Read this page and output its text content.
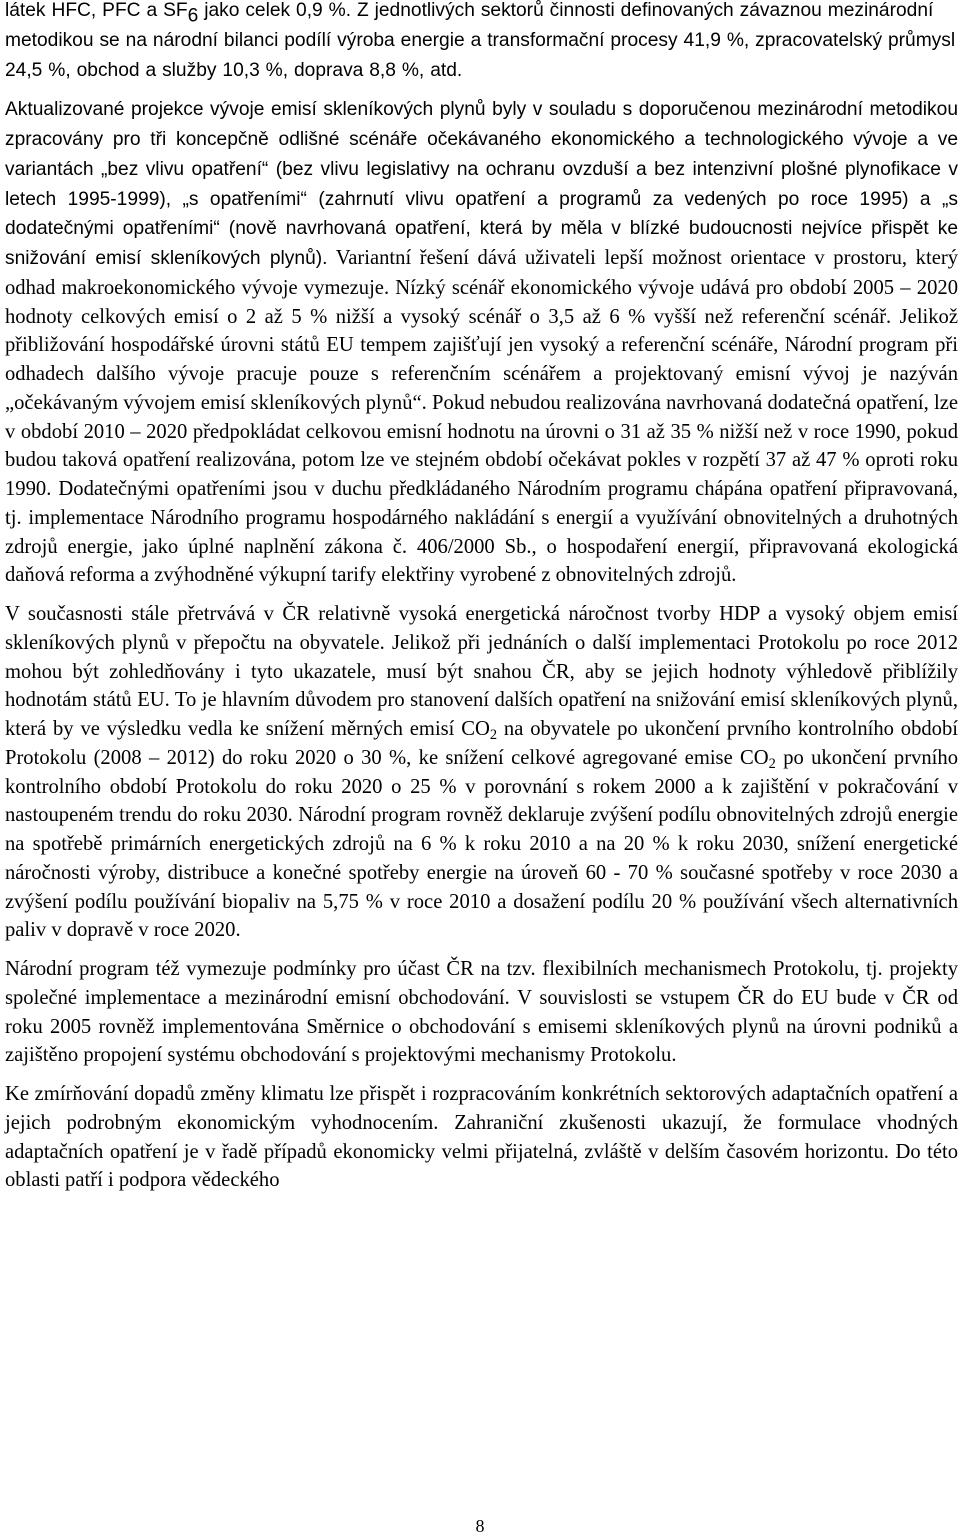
látek HFC, PFC a $SF_6$ jako celek 0,9 %. Z jednotlivých sektorů činnosti definovaných závaznou mezinárodní metodikou se na národní bilanci podílí výroba energie a transformační procesy 41,9 %, zpracovatelský průmysl 24,5 %, obchod a služby 10,3 %, doprava 8,8 %, atd.

Aktualizované projekce vývoje emisí skleníkových plynů byly v souladu s doporučenou mezinárodní metodikou zpracovány pro tři koncepčně odlišné scénáře očekávaného ekonomického a technologického vývoje a ve variantách „bez vlivu opatření“ (bez vlivu legislativy na ochranu ovzduší a bez intenzivní plošné plynofikace v letech 1995-1999), „s opatřeními“ (zahrnutí vlivu opatření a programů za vedených po roce 1995) a „s dodatečnými opatřeními“ (nově navrhovaná opatření, která by měla v blízké budoucnosti nejvíce přispět ke snižování emisí skleníkových plynů). Variantní řešení dává uživateli lepší možnost orientace v prostoru, který odhad makroekonomického vývoje vymezuje. Nízký scénář ekonomického vývoje udává pro období 2005 – 2020 hodnoty celkových emisí o 2 až 5 % nižší a vysoký scénář o 3,5 až 6 % vyšší než referenční scénář. Jelikož přibližování hospodářské úrovni států EU tempem zajišťují jen vysoký a referenční scénáře, Národní program při odhadech dalšího vývoje pracuje pouze s referenčním scénářem a projektovaný emisní vývoj je nazýván „očekávaným vývojem emisí skleníkových plynů“. Pokud nebudou realizována navrhovaná dodatečná opatření, lze v období 2010 – 2020 předpokládat celkovou emisní hodnotu na úrovni o 31 až 35 % nižší než v roce 1990, pokud budou taková opatření realizována, potom lze ve stejném období očekávat pokles v rozpětí 37 až 47 % oproti roku 1990. Dodatečnými opatřeními jsou v duchu předkládaného Národním programu chápána opatření připravovaná, tj. implementace Národního programu hospodárného nakládání s energií a využívání obnovitelných a druhotných zdrojů energie, jako úplné naplnění zákona č. 406/2000 Sb., o hospodaření energií, připravovaná ekologická daňová reforma a zvýhodněné výkupní tarify elektřiny vyrobené z obnovitelných zdrojů.

V současnosti stále přetrvává v ČR relativně vysoká energetická náročnost tvorby HDP a vysoký objem emisí skleníkových plynů v přepočtu na obyvatele. Jelikož při jednáních o další implementaci Protokolu po roce 2012 mohou být zohledňovány i tyto ukazatele, musí být snahou ČR, aby se jejich hodnoty výhledově přiblížily hodnotám států EU. To je hlavním důvodem pro stanovení dalších opatření na snižování emisí skleníkových plynů, která by ve výsledku vedla ke snížení měrných emisí $CO_2$ na obyvatele po ukončení prvního kontrolního období Protokolu (2008 – 2012) do roku 2020 o 30 %, ke snížení celkové agregované emise $CO_2$ po ukončení prvního kontrolního období Protokolu do roku 2020 o 25 % v porovnání s rokem 2000 a k zajištění v pokračování v nastoupeném trendu do roku 2030. Národní program rovněž deklaruje zvýšení podílu obnovitelných zdrojů energie na spotřebě primárních energetických zdrojů na 6 % k roku 2010 a na 20 % k roku 2030, snížení energetické náročnosti výroby, distribuce a konečné spotřeby energie na úroveň 60 - 70 % současné spotřeby v roce 2030 a zvýšení podílu používání biopaliv na 5,75 % v roce 2010 a dosažení podílu 20 % používání všech alternativních paliv v dopravě v roce 2020.

Národní program též vymezuje podmínky pro účast ČR na tzv. flexibilních mechanismech Protokolu, tj. projekty společné implementace a mezinárodní emisní obchodování. V souvislosti se vstupem ČR do EU bude v ČR od roku 2005 rovněž implementována Směrnice o obchodování s emisemi skleníkových plynů na úrovni podniků a zajištěno propojení systému obchodování s projektovými mechanismy Protokolu.

Ke zmírňování dopadů změny klimatu lze přispět i rozpracováním konkrétních sektorových adaptačních opatření a jejich podrobným ekonomickým vyhodnocením. Zahraniční zkušenosti ukazují, že formulace vhodných adaptačních opatření je v řadě případů ekonomicky velmi přijatelná, zvláště v delším časovém horizontu. Do této oblasti patří i podpora vědeckého

8
